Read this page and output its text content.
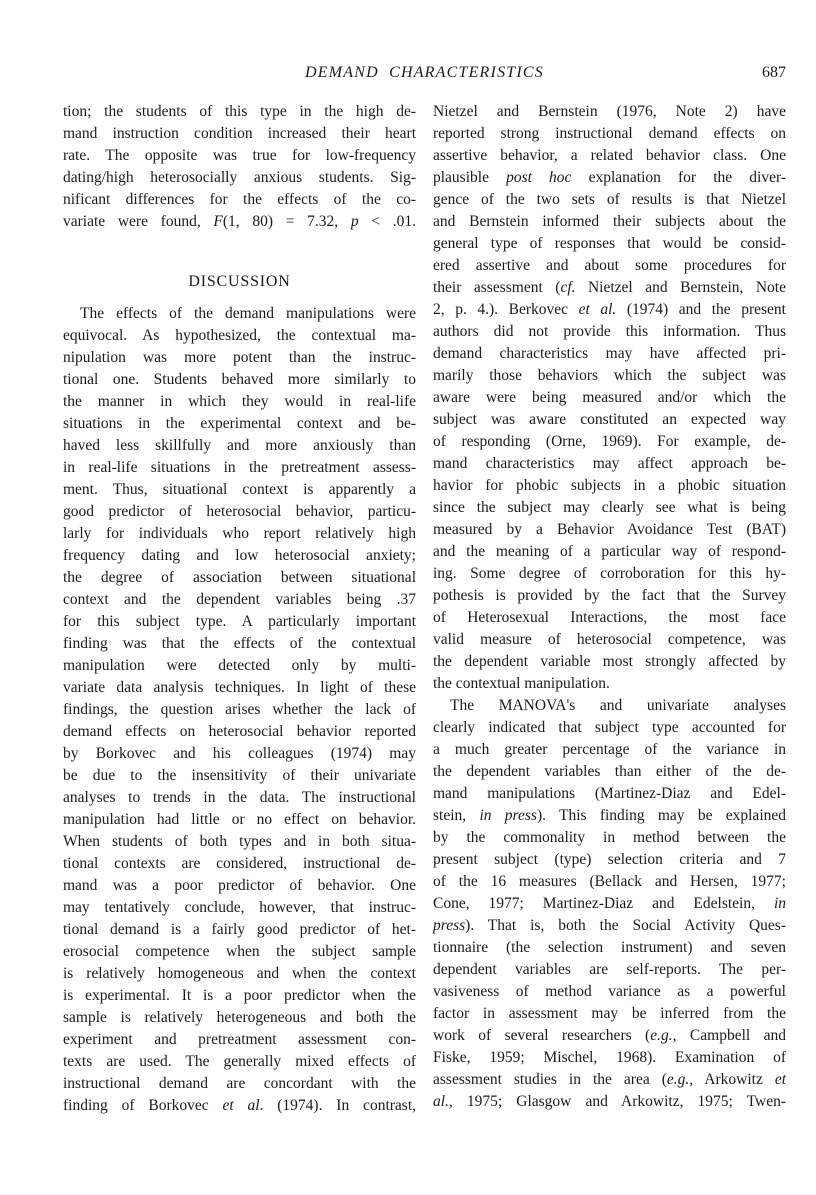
DEMAND CHARACTERISTICS	687
tion; the students of this type in the high de-
mand instruction condition increased their heart
rate. The opposite was true for low-frequency
dating/high heterosocially anxious students. Sig-
nificant differences for the effects of the co-
variate were found, F(1, 80) = 7.32, p < .01.
DISCUSSION
The effects of the demand manipulations were
equivocal. As hypothesized, the contextual ma-
nipulation was more potent than the instruc-
tional one. Students behaved more similarly to
the manner in which they would in real-life
situations in the experimental context and be-
haved less skillfully and more anxiously than
in real-life situations in the pretreatment assess-
ment. Thus, situational context is apparently a
good predictor of heterosocial behavior, particu-
larly for individuals who report relatively high
frequency dating and low heterosocial anxiety;
the degree of association between situational
context and the dependent variables being .37
for this subject type. A particularly important
finding was that the effects of the contextual
manipulation were detected only by multi-
variate data analysis techniques. In light of these
findings, the question arises whether the lack of
demand effects on heterosocial behavior reported
by Borkovec and his colleagues (1974) may
be due to the insensitivity of their univariate
analyses to trends in the data. The instructional
manipulation had little or no effect on behavior.
When students of both types and in both situa-
tional contexts are considered, instructional de-
mand was a poor predictor of behavior. One
may tentatively conclude, however, that instruc-
tional demand is a fairly good predictor of het-
erosocial competence when the subject sample
is relatively homogeneous and when the context
is experimental. It is a poor predictor when the
sample is relatively heterogeneous and both the
experiment and pretreatment assessment con-
texts are used. The generally mixed effects of
instructional demand are concordant with the
finding of Borkovec et al. (1974). In contrast,
Nietzel and Bernstein (1976, Note 2) have
reported strong instructional demand effects on
assertive behavior, a related behavior class. One
plausible post hoc explanation for the diver-
gence of the two sets of results is that Nietzel
and Bernstein informed their subjects about the
general type of responses that would be consid-
ered assertive and about some procedures for
their assessment (cf. Nietzel and Bernstein, Note
2, p. 4.). Berkovec et al. (1974) and the present
authors did not provide this information. Thus
demand characteristics may have affected pri-
marily those behaviors which the subject was
aware were being measured and/or which the
subject was aware constituted an expected way
of responding (Orne, 1969). For example, de-
mand characteristics may affect approach be-
havior for phobic subjects in a phobic situation
since the subject may clearly see what is being
measured by a Behavior Avoidance Test (BAT)
and the meaning of a particular way of respond-
ing. Some degree of corroboration for this hy-
pothesis is provided by the fact that the Survey
of Heterosexual Interactions, the most face
valid measure of heterosocial competence, was
the dependent variable most strongly affected by
the contextual manipulation.
The MANOVA's and univariate analyses
clearly indicated that subject type accounted for
a much greater percentage of the variance in
the dependent variables than either of the de-
mand manipulations (Martinez-Diaz and Edel-
stein, in press). This finding may be explained
by the commonality in method between the
present subject (type) selection criteria and 7
of the 16 measures (Bellack and Hersen, 1977;
Cone, 1977; Martinez-Diaz and Edelstein, in
press). That is, both the Social Activity Ques-
tionnaire (the selection instrument) and seven
dependent variables are self-reports. The per-
vasiveness of method variance as a powerful
factor in assessment may be inferred from the
work of several researchers (e.g., Campbell and
Fiske, 1959; Mischel, 1968). Examination of
assessment studies in the area (e.g., Arkowitz et
al., 1975; Glasgow and Arkowitz, 1975; Twen-
